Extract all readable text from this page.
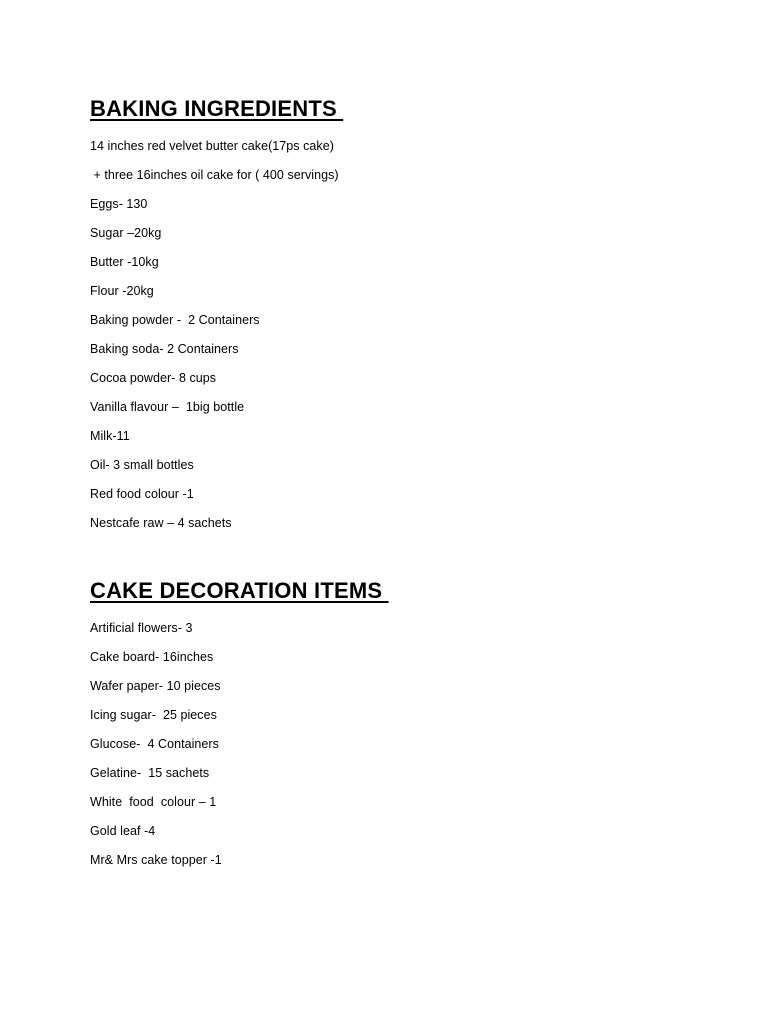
BAKING INGREDIENTS
14 inches red velvet butter cake(17ps cake)
+ three 16inches oil cake for ( 400 servings)
Eggs- 130
Sugar –20kg
Butter -10kg
Flour -20kg
Baking powder -  2 Containers
Baking soda- 2 Containers
Cocoa powder- 8 cups
Vanilla flavour –  1big bottle
Milk-11
Oil- 3 small bottles
Red food colour -1
Nestcafe raw – 4 sachets
CAKE DECORATION ITEMS
Artificial flowers- 3
Cake board- 16inches
Wafer paper- 10 pieces
Icing sugar-  25 pieces
Glucose-  4 Containers
Gelatine-  15 sachets
White  food  colour – 1
Gold leaf -4
Mr& Mrs cake topper -1
